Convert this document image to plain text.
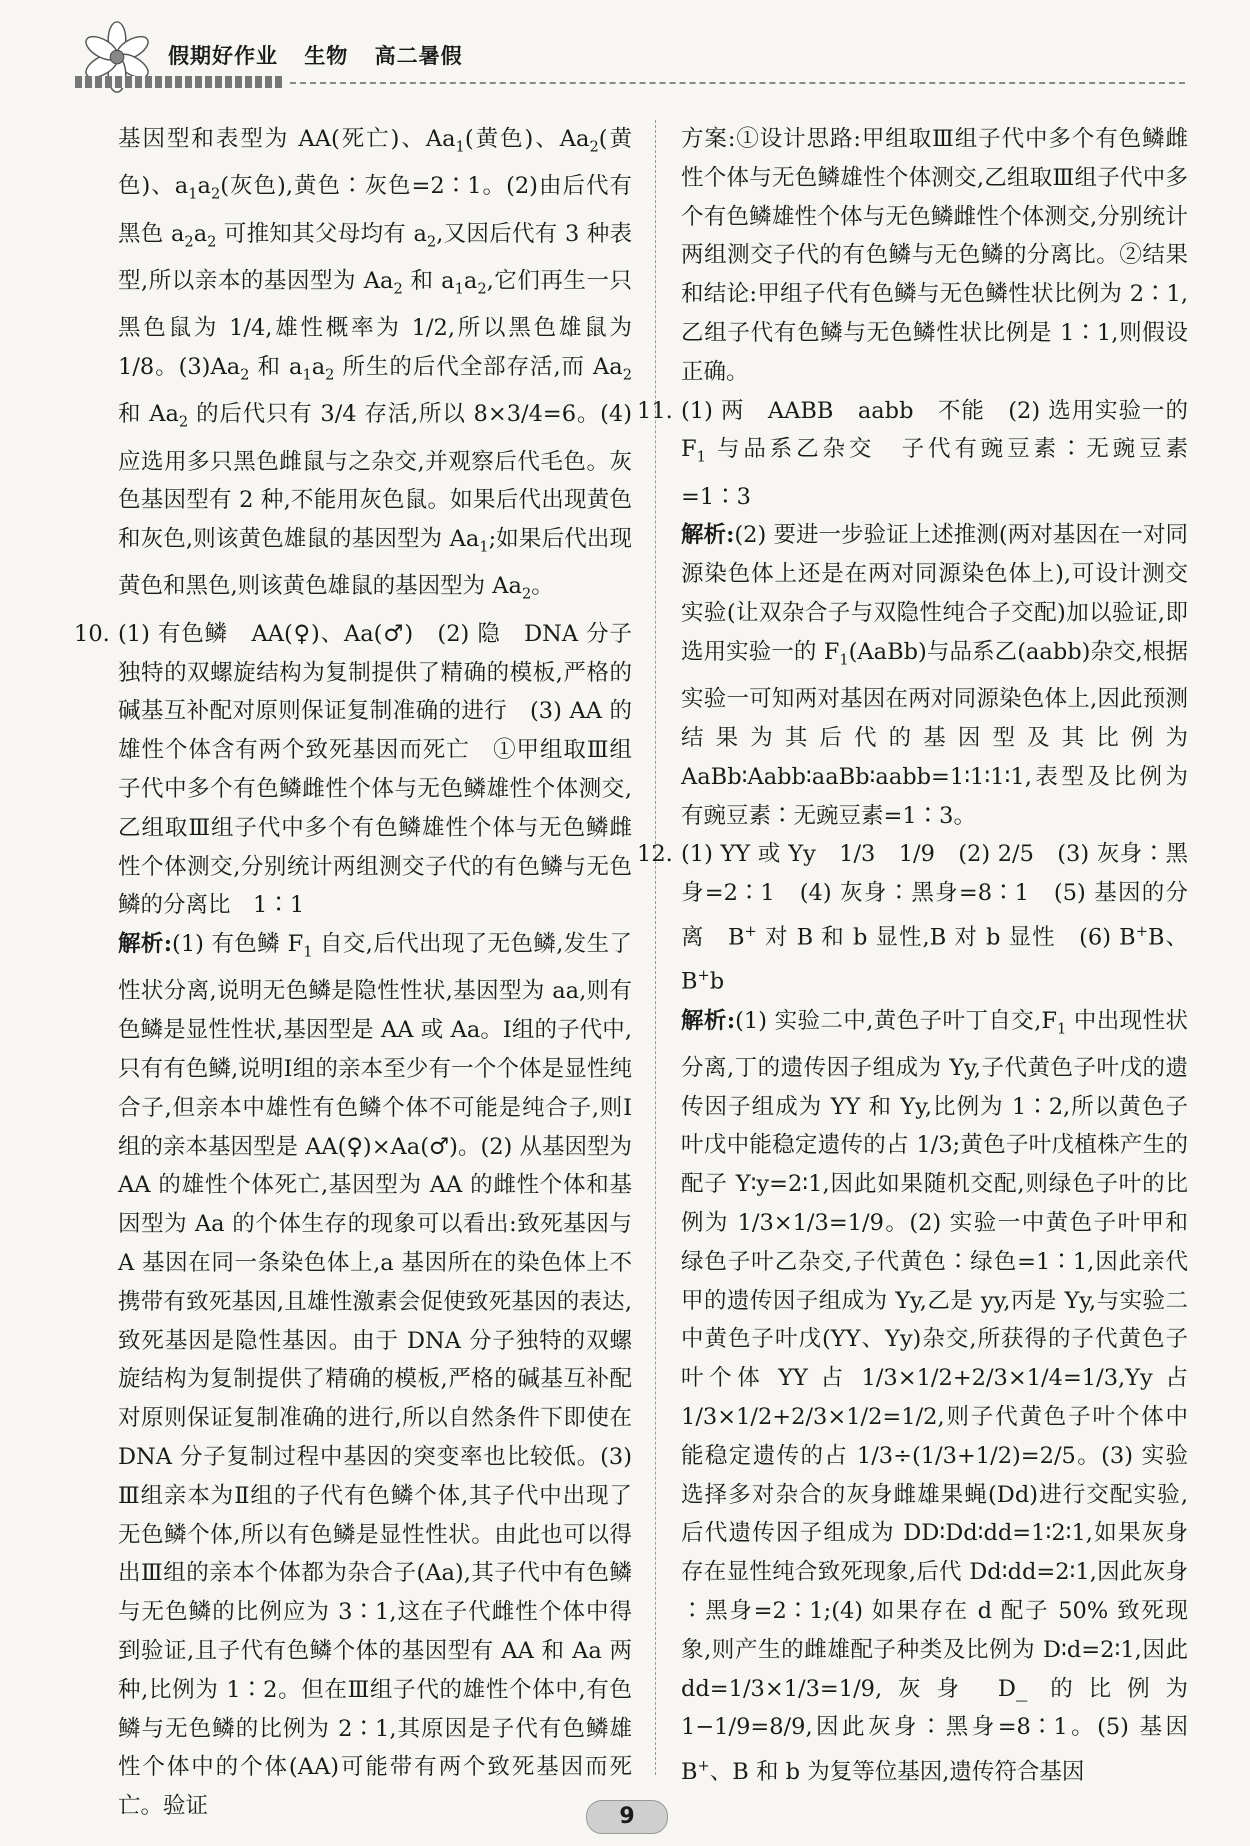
假期好作业 生物 高二暑假

基因型和表型为 AA(死亡)、$Aa_1$(黄色)、$Aa_2$(黄色)、$a_1a_2$(灰色),黄色∶灰色=2∶1。(2)由后代有黑色 $a_2a_2$ 可推知其父母均有 $a_2$,又因后代有 3 种表型,所以亲本的基因型为 $Aa_2$ 和 $a_1a_2$,它们再生一只黑色鼠为 1/4,雄性概率为 1/2,所以黑色雄鼠为 1/8。$(3)Aa_2$ 和 $a_1a_2$ 所生的后代全部存活,而 $Aa_2$ 和 $Aa_2$ 的后代只有 3/4 存活,所以 8×3/4=6。(4)应选用多只黑色雌鼠与之杂交,并观察后代毛色。灰色基因型有 2 种,不能用灰色鼠。如果后代出现黄色和灰色,则该黄色雄鼠的基因型为 $Aa_1$;如果后代出现黄色和黑色,则该黄色雄鼠的基因型为 $Aa_2$。

10. (1) 有色鳞　AA(♀)、Aa(♂)　(2) 隐　DNA 分子独特的双螺旋结构为复制提供了精确的模板,严格的碱基互补配对原则保证复制准确的进行　(3) AA 的雄性个体含有两个致死基因而死亡　①甲组取Ⅲ组子代中多个有色鳞雌性个体与无色鳞雄性个体测交,乙组取Ⅲ组子代中多个有色鳞雄性个体与无色鳞雌性个体测交,分别统计两组测交子代的有色鳞与无色鳞的分离比　1∶1

解析:(1) 有色鳞 $F_1$ 自交,后代出现了无色鳞,发生了性状分离,说明无色鳞是隐性性状,基因型为 aa,则有色鳞是显性性状,基因型是 AA 或 Aa。Ⅰ组的子代中,只有有色鳞,说明Ⅰ组的亲本至少有一个个体是显性纯合子,但亲本中雄性有色鳞个体不可能是纯合子,则Ⅰ组的亲本基因型是 AA(♀)×Aa(♂)。(2) 从基因型为 AA 的雄性个体死亡,基因型为 AA 的雌性个体和基因型为 Aa 的个体生存的现象可以看出:致死基因与 A 基因在同一条染色体上,a 基因所在的染色体上不携带有致死基因,且雄性激素会促使致死基因的表达,致死基因是隐性基因。由于 DNA 分子独特的双螺旋结构为复制提供了精确的模板,严格的碱基互补配对原则保证复制准确的进行,所以自然条件下即使在 DNA 分子复制过程中基因的突变率也比较低。(3) Ⅲ组亲本为Ⅱ组的子代有色鳞个体,其子代中出现了无色鳞个体,所以有色鳞是显性性状。由此也可以得出Ⅲ组的亲本个体都为杂合子(Aa),其子代中有色鳞与无色鳞的比例应为 3∶1,这在子代雌性个体中得到验证,且子代有色鳞个体的基因型有 AA 和 Aa 两种,比例为 1∶2。但在Ⅲ组子代的雄性个体中,有色鳞与无色鳞的比例为 2∶1,其原因是子代有色鳞雄性个体中的个体(AA)可能带有两个致死基因而死亡。验证

方案:①设计思路:甲组取Ⅲ组子代中多个有色鳞雌性个体与无色鳞雄性个体测交,乙组取Ⅲ组子代中多个有色鳞雄性个体与无色鳞雌性个体测交,分别统计两组测交子代的有色鳞与无色鳞的分离比。②结果和结论:甲组子代有色鳞与无色鳞性状比例为 2∶1,乙组子代有色鳞与无色鳞性状比例是 1∶1,则假设正确。

11. (1) 两　AABB　aabb　不能　(2) 选用实验一的 $F_1$ 与品系乙杂交　子代有豌豆素∶无豌豆素=1∶3

解析:(2) 要进一步验证上述推测(两对基因在一对同源染色体上还是在两对同源染色体上),可设计测交实验(让双杂合子与双隐性纯合子交配)加以验证,即选用实验一的 $F_1(AaBb)$与品系乙(aabb)杂交,根据实验一可知两对基因在两对同源染色体上,因此预测结果为其后代的基因型及其比例为 AaBb∶Aabb∶aaBb∶aabb=1∶1∶1∶1,表型及比例为有豌豆素∶无豌豆素=1∶3。

12. (1) YY 或 Yy　1/3　1/9　(2) 2/5　(3) 灰身∶黑身=2∶1　(4) 灰身∶黑身=8∶1　(5) 基因的分离　B+ 对 B 和 b 显性,B 对 b 显性　(6) B+B、B+b

解析:(1) 实验二中,黄色子叶丁自交$,F_1$ 中出现性状分离,丁的遗传因子组成为 Yy,子代黄色子叶戊的遗传因子组成为 YY 和 Yy,比例为 1∶2,所以黄色子叶戊中能稳定遗传的占 1/3;黄色子叶戊植株产生的配子 Y∶y=2∶1,因此如果随机交配,则绿色子叶的比例为 1/3×1/3=1/9。(2) 实验一中黄色子叶甲和绿色子叶乙杂交,子代黄色∶绿色=1∶1,因此亲代甲的遗传因子组成为 Yy,乙是 yy,丙是 Yy,与实验二中黄色子叶戊(YY、Yy)杂交,所获得的子代黄色子叶个体 YY 占 1/3×1/2+2/3×1/4=1/3,Yy 占 1/3×1/2+2/3×1/2=1/2,则子代黄色子叶个体中能稳定遗传的占 1/3÷(1/3+1/2)=2/5。(3) 实验选择多对杂合的灰身雌雄果蝇(Dd)进行交配实验,后代遗传因子组成为 DD∶Dd∶dd=1∶2∶1,如果灰身存在显性纯合致死现象,后代 Dd∶dd=2∶1,因此灰身∶黑身=2∶1;(4) 如果存在 d 配子 50% 致死现象,则产生的雌雄配子种类及比例为 D∶d=2∶1,因此 dd=1/3×1/3=1/9,灰身 D_ 的比例为 1−1/9=8/9,因此灰身∶黑身=8∶1。(5) 基因 B+、B 和 b 为复等位基因,遗传符合基因

9
